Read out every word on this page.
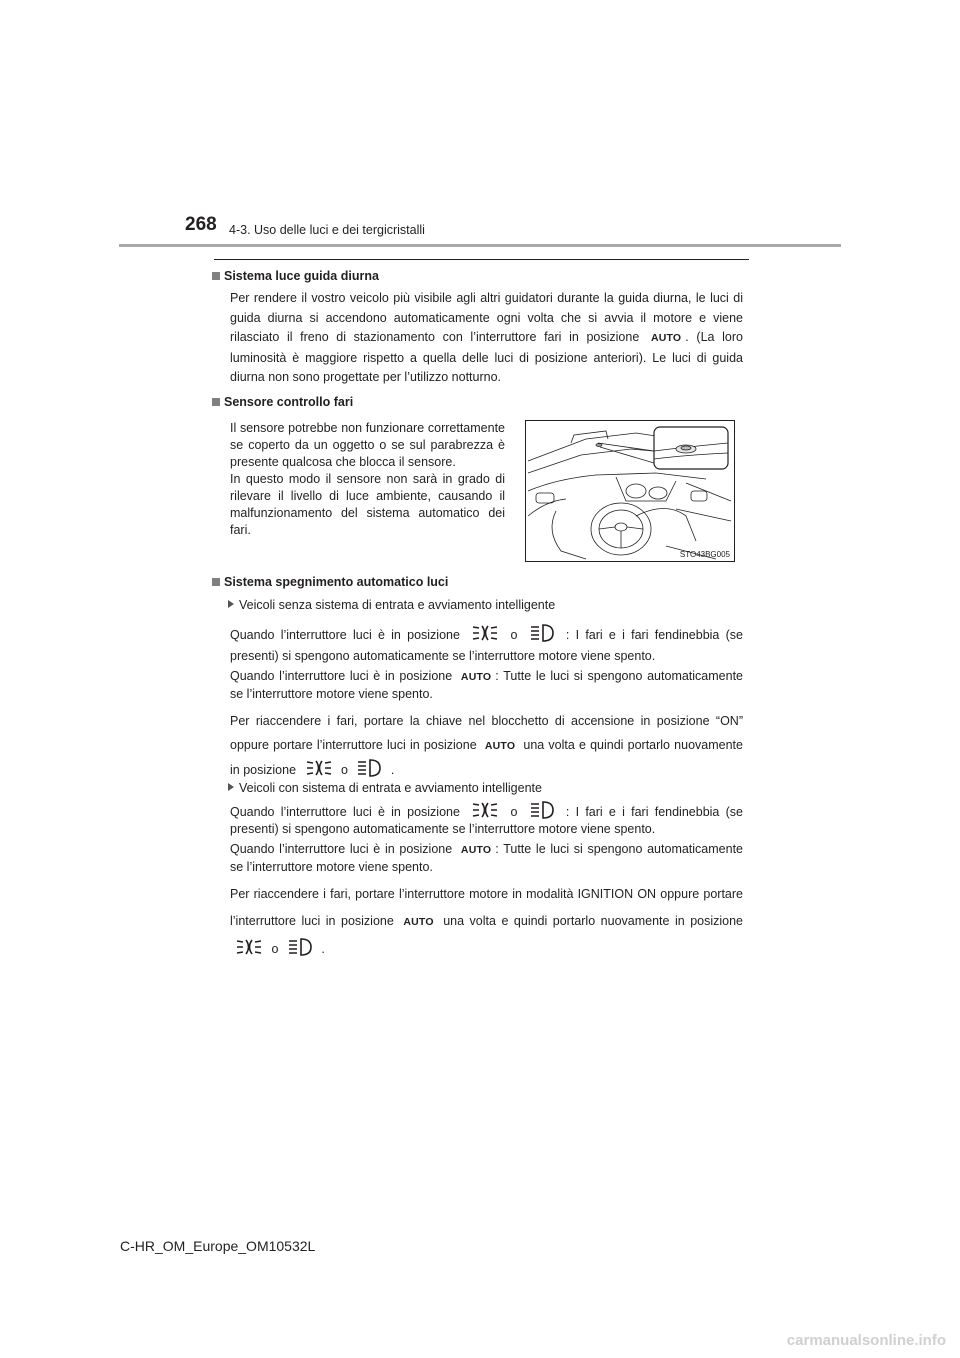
268 4-3. Uso delle luci e dei tergicristalli
Sistema luce guida diurna
Per rendere il vostro veicolo più visibile agli altri guidatori durante la guida diurna, le luci di guida diurna si accendono automaticamente ogni volta che si avvia il motore e viene rilasciato il freno di stazionamento con l’interruttore fari in posizione AUTO . (La loro luminosità è maggiore rispetto a quella delle luci di posizione anteriori). Le luci di guida diurna non sono progettate per l’utilizzo notturno.
Sensore controllo fari
Il sensore potrebbe non funzionare correttamente se coperto da un oggetto o se sul parabrezza è presente qualcosa che blocca il sensore.
In questo modo il sensore non sarà in grado di rilevare il livello di luce ambiente, causando il malfunzionamento del sistema automatico dei fari.
STO43BG005
Sistema spegnimento automatico luci
Veicoli senza sistema di entrata e avviamento intelligente
Quando l’interruttore luci è in posizione	o	: I fari e i fari fendinebbia (se presenti) si spengono automaticamente se l’interruttore motore viene spento.
Quando l’interruttore luci è in posizione AUTO : Tutte le luci si spengono automaticamente se l’interruttore motore viene spento.
Per riaccendere i fari, portare la chiave nel blocchetto di accensione in posizione “ON” oppure portare l’interruttore luci in posizione AUTO una volta e quindi portarlo nuovamente in posizione	o	.
Veicoli con sistema di entrata e avviamento intelligente
Quando l’interruttore luci è in posizione	o	: I fari e i fari fendinebbia (se presenti) si spengono automaticamente se l’interruttore motore viene spento.
Quando l’interruttore luci è in posizione AUTO : Tutte le luci si spengono automaticamente se l’interruttore motore viene spento.
Per riaccendere i fari, portare l’interruttore motore in modalità IGNITION ON oppure portare l’interruttore luci in posizione AUTO una volta e quindi portarlo nuovamente in posizione  o	.
C-HR_OM_Europe_OM10532L
carmanualsonline.info
